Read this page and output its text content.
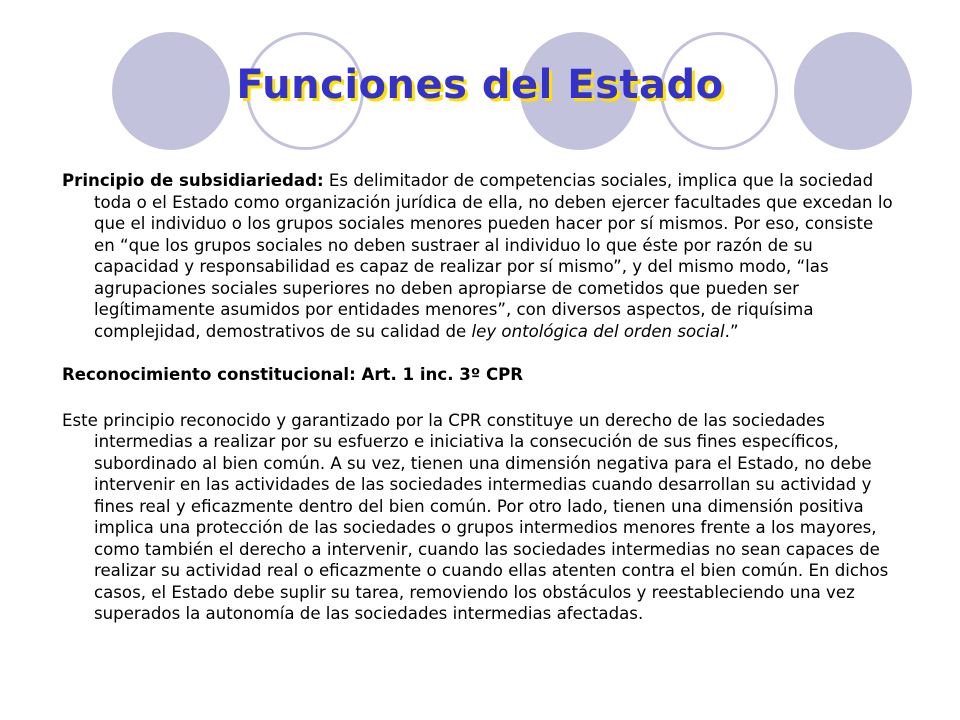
Funciones del Estado

Principio de subsidiariedad: Es delimitador de competencias sociales, implica que la sociedad toda o el Estado como organización jurídica de ella, no deben ejercer facultades que excedan lo que el individuo o los grupos sociales menores pueden hacer por sí mismos. Por eso, consiste en “que los grupos sociales no deben sustraer al individuo lo que éste por razón de su capacidad y responsabilidad es capaz de realizar por sí mismo”, y del mismo modo, “las agrupaciones sociales superiores no deben apropiarse de cometidos que pueden ser legítimamente asumidos por entidades menores”, con diversos aspectos, de riquísima complejidad, demostrativos de su calidad de ley ontológica del orden social.”

Reconocimiento constitucional: Art. 1 inc. 3º CPR

Este principio reconocido y garantizado por la CPR constituye un derecho de las sociedades intermedias a realizar por su esfuerzo e iniciativa la consecución de sus fines específicos, subordinado al bien común. A su vez, tienen una dimensión negativa para el Estado, no debe intervenir en las actividades de las sociedades intermedias cuando desarrollan su actividad y fines real y eficazmente dentro del bien común. Por otro lado, tienen una dimensión positiva implica una protección de las sociedades o grupos intermedios menores frente a los mayores, como también el derecho a intervenir, cuando las sociedades intermedias no sean capaces de realizar su actividad real o eficazmente o cuando ellas atenten contra el bien común. En dichos casos, el Estado debe suplir su tarea, removiendo los obstáculos y reestableciendo una vez superados la autonomía de las sociedades intermedias afectadas.
